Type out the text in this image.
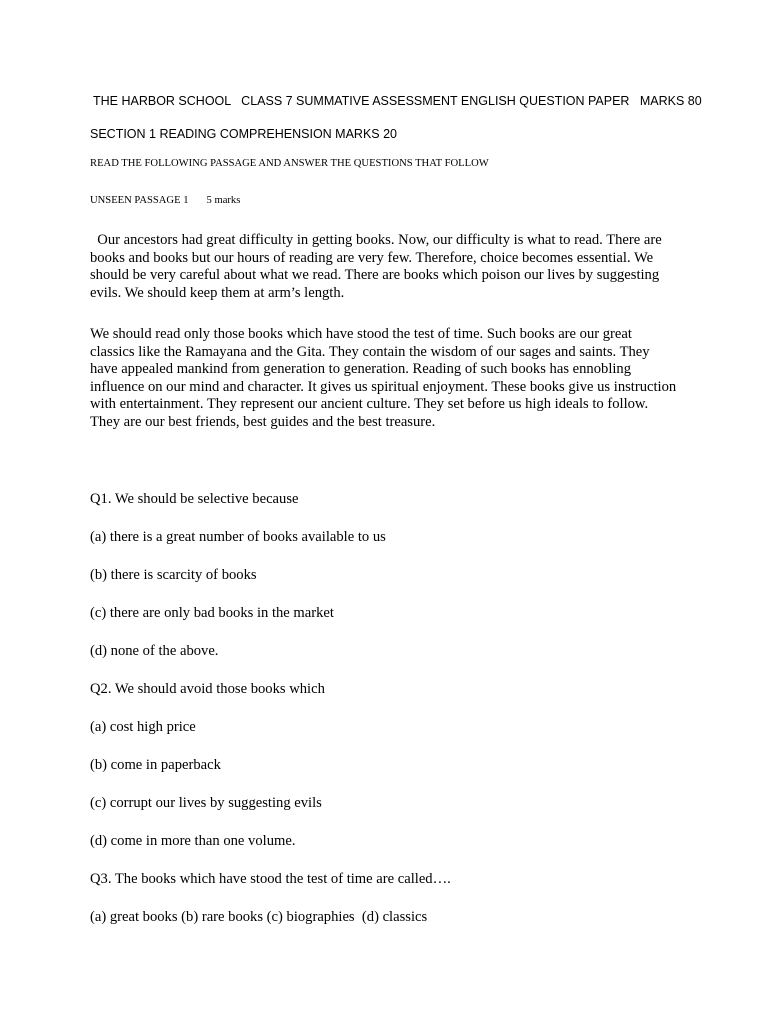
THE HARBOR SCHOOL   CLASS 7 SUMMATIVE ASSESSMENT ENGLISH QUESTION PAPER   MARKS 80

SECTION 1 READING COMPREHENSION MARKS 20

READ THE FOLLOWING PASSAGE AND ANSWER THE QUESTIONS THAT FOLLOW

UNSEEN PASSAGE 1 5 marks

Our ancestors had great difficulty in getting books. Now, our difficulty is what to read. There are books and books but our hours of reading are very few. Therefore, choice becomes essential. We should be very careful about what we read. There are books which poison our lives by suggesting evils. We should keep them at arm’s length.

We should read only those books which have stood the test of time. Such books are our great classics like the Ramayana and the Gita. They contain the wisdom of our sages and saints. They have appealed mankind from generation to generation. Reading of such books has ennobling influence on our mind and character. It gives us spiritual enjoyment. These books give us instruction with entertainment. They represent our ancient culture. They set before us high ideals to follow. They are our best friends, best guides and the best treasure.

Q1. We should be selective because

(a) there is a great number of books available to us

(b) there is scarcity of books

(c) there are only bad books in the market

(d) none of the above.

Q2. We should avoid those books which

(a) cost high price

(b) come in paperback

(c) corrupt our lives by suggesting evils

(d) come in more than one volume.

Q3. The books which have stood the test of time are called….

(a) great books (b) rare books (c) biographies  (d) classics
